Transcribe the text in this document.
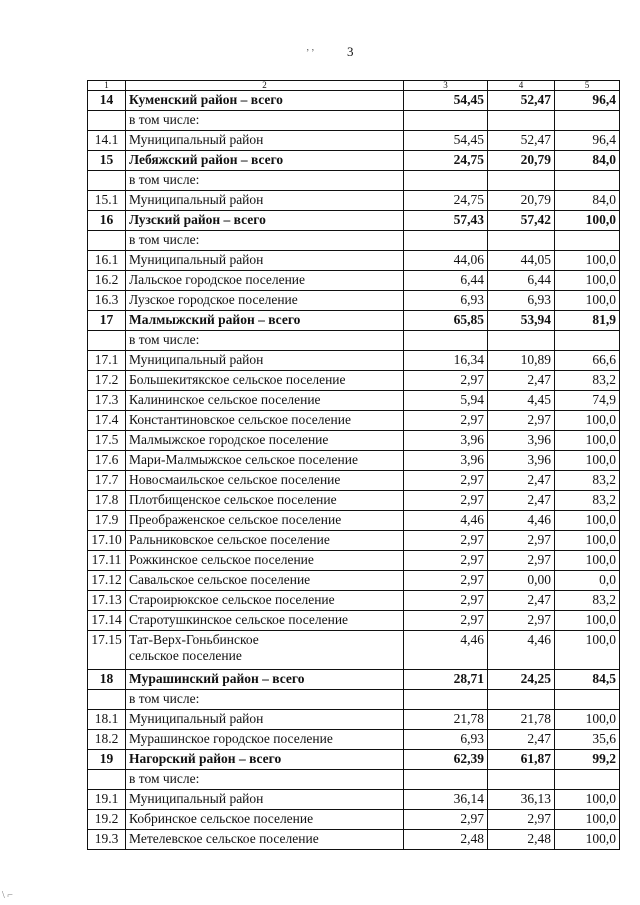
’ ’	3
1	2	3	4	5
14	Куменский район – всего	54,45	52,47	96,4
	в том числе:			
14.1	Муниципальный район	54,45	52,47	96,4
15	Лебяжский район – всего	24,75	20,79	84,0
	в том числе:			
15.1	Муниципальный район	24,75	20,79	84,0
16	Лузский район – всего	57,43	57,42	100,0
	в том числе:			
16.1	Муниципальный район	44,06	44,05	100,0
16.2	Лальское городское поселение	6,44	6,44	100,0
16.3	Лузское городское поселение	6,93	6,93	100,0
17	Малмыжский район – всего	65,85	53,94	81,9
	в том числе:			
17.1	Муниципальный район	16,34	10,89	66,6
17.2	Большекитякское сельское поселение	2,97	2,47	83,2
17.3	Калининское сельское поселение	5,94	4,45	74,9
17.4	Константиновское сельское поселение	2,97	2,97	100,0
17.5	Малмыжское городское поселение	3,96	3,96	100,0
17.6	Мари-Малмыжское сельское поселение	3,96	3,96	100,0
17.7	Новосмаильское сельское поселение	2,97	2,47	83,2
17.8	Плотбищенское сельское поселение	2,97	2,47	83,2
17.9	Преображенское сельское поселение	4,46	4,46	100,0
17.10	Ральниковское сельское поселение	2,97	2,97	100,0
17.11	Рожкинское сельское поселение	2,97	2,97	100,0
17.12	Савальское сельское поселение	2,97	0,00	0,0
17.13	Староирюкское сельское поселение	2,97	2,47	83,2
17.14	Старотушкинское сельское поселение	2,97	2,97	100,0
17.15	Тат-Верх-Гоньбинское
сельское поселение	4,46	4,46	100,0
18	Мурашинский район – всего	28,71	24,25	84,5
	в том числе:			
18.1	Муниципальный район	21,78	21,78	100,0
18.2	Мурашинское городское поселение	6,93	2,47	35,6
19	Нагорский район – всего	62,39	61,87	99,2
	в том числе:			
19.1	Муниципальный район	36,14	36,13	100,0
19.2	Кобринское сельское поселение	2,97	2,97	100,0
19.3	Метелевское сельское поселение	2,48	2,48	100,0
\ ⌐
